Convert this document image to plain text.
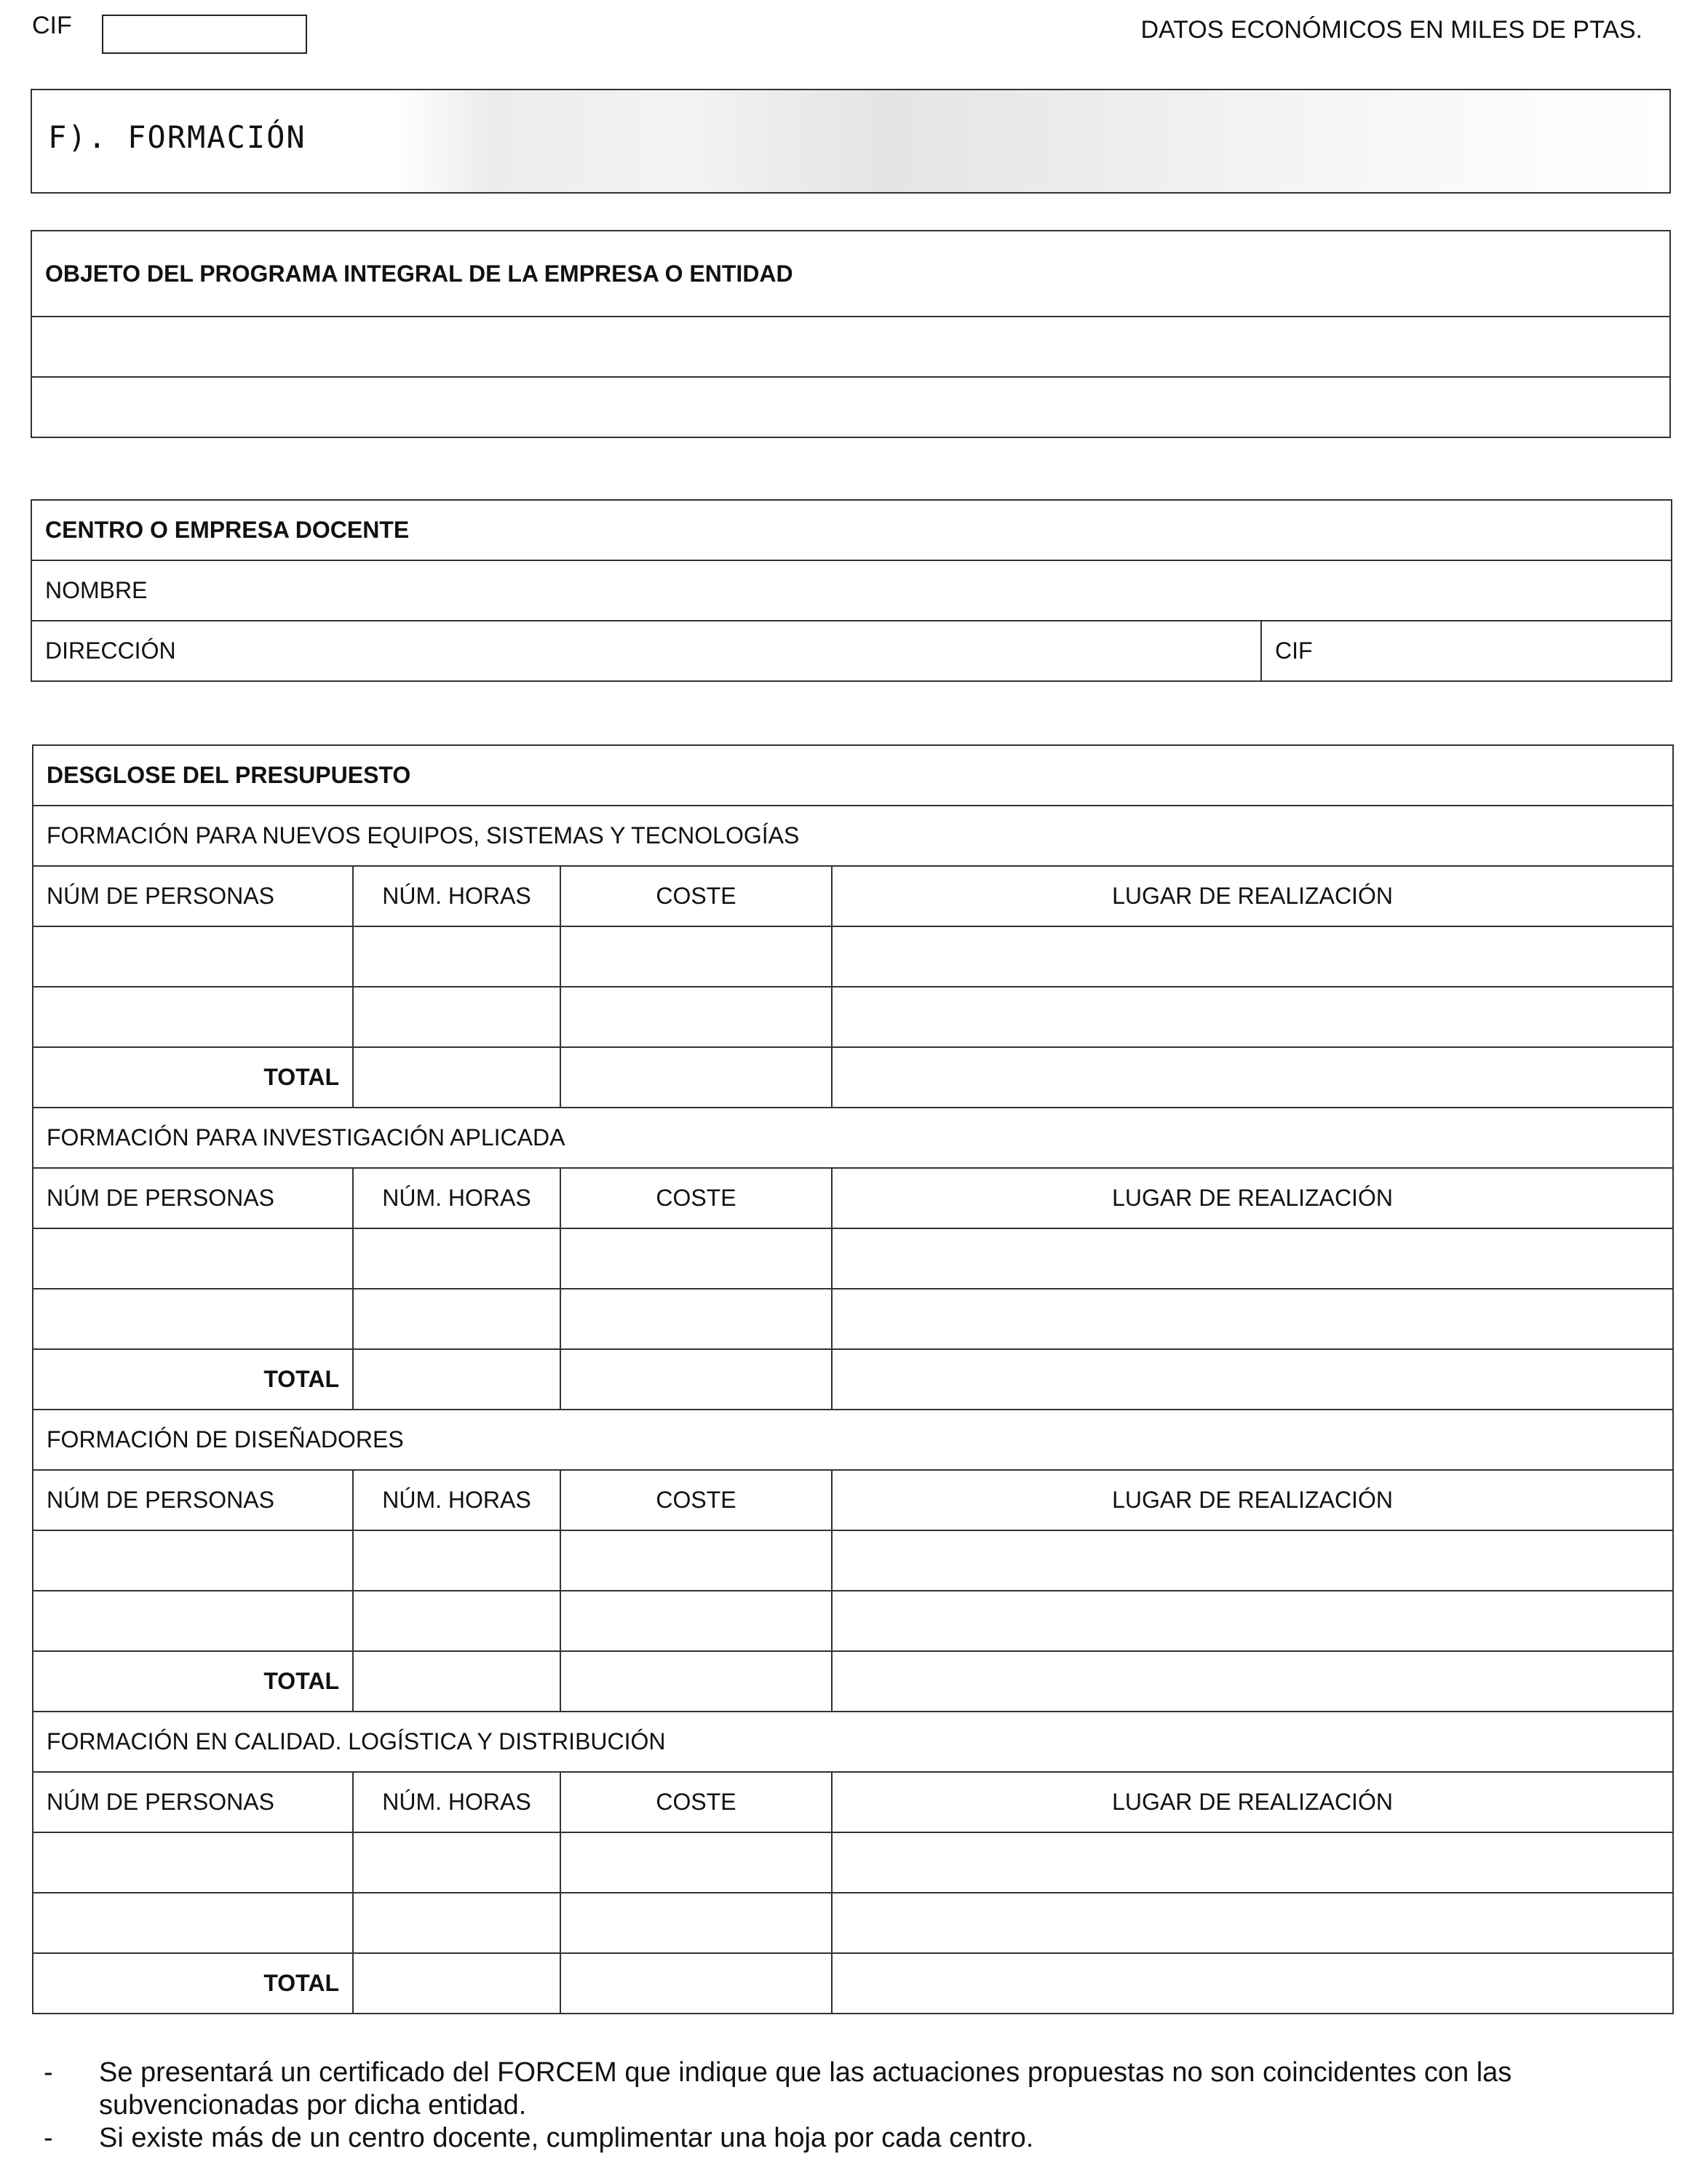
CIF	DATOS ECONÓMICOS EN MILES DE PTAS.
F). FORMACIÓN
OBJETO DEL PROGRAMA INTEGRAL DE LA EMPRESA O ENTIDAD

CENTRO O EMPRESA DOCENTE
NOMBRE
DIRECCIÓN	CIF
DESGLOSE DEL PRESUPUESTO			
FORMACIÓN PARA NUEVOS EQUIPOS, SISTEMAS Y TECNOLOGÍAS			
NÚM DE PERSONAS	NÚM. HORAS	COSTE	LUGAR DE REALIZACIÓN

TOTAL			
FORMACIÓN PARA INVESTIGACIÓN APLICADA			
NÚM DE PERSONAS	NÚM. HORAS	COSTE	LUGAR DE REALIZACIÓN

TOTAL			
FORMACIÓN DE DISEÑADORES			
NÚM DE PERSONAS	NÚM. HORAS	COSTE	LUGAR DE REALIZACIÓN

TOTAL			
FORMACIÓN EN CALIDAD. LOGÍSTICA Y DISTRIBUCIÓN			
NÚM DE PERSONAS	NÚM. HORAS	COSTE	LUGAR DE REALIZACIÓN

TOTAL			
- Se presentará un certificado del FORCEM que indique que las actuaciones propuestas no son coincidentes con las subvencionadas por dicha entidad.
- Si existe más de un centro docente, cumplimentar una hoja por cada centro.
